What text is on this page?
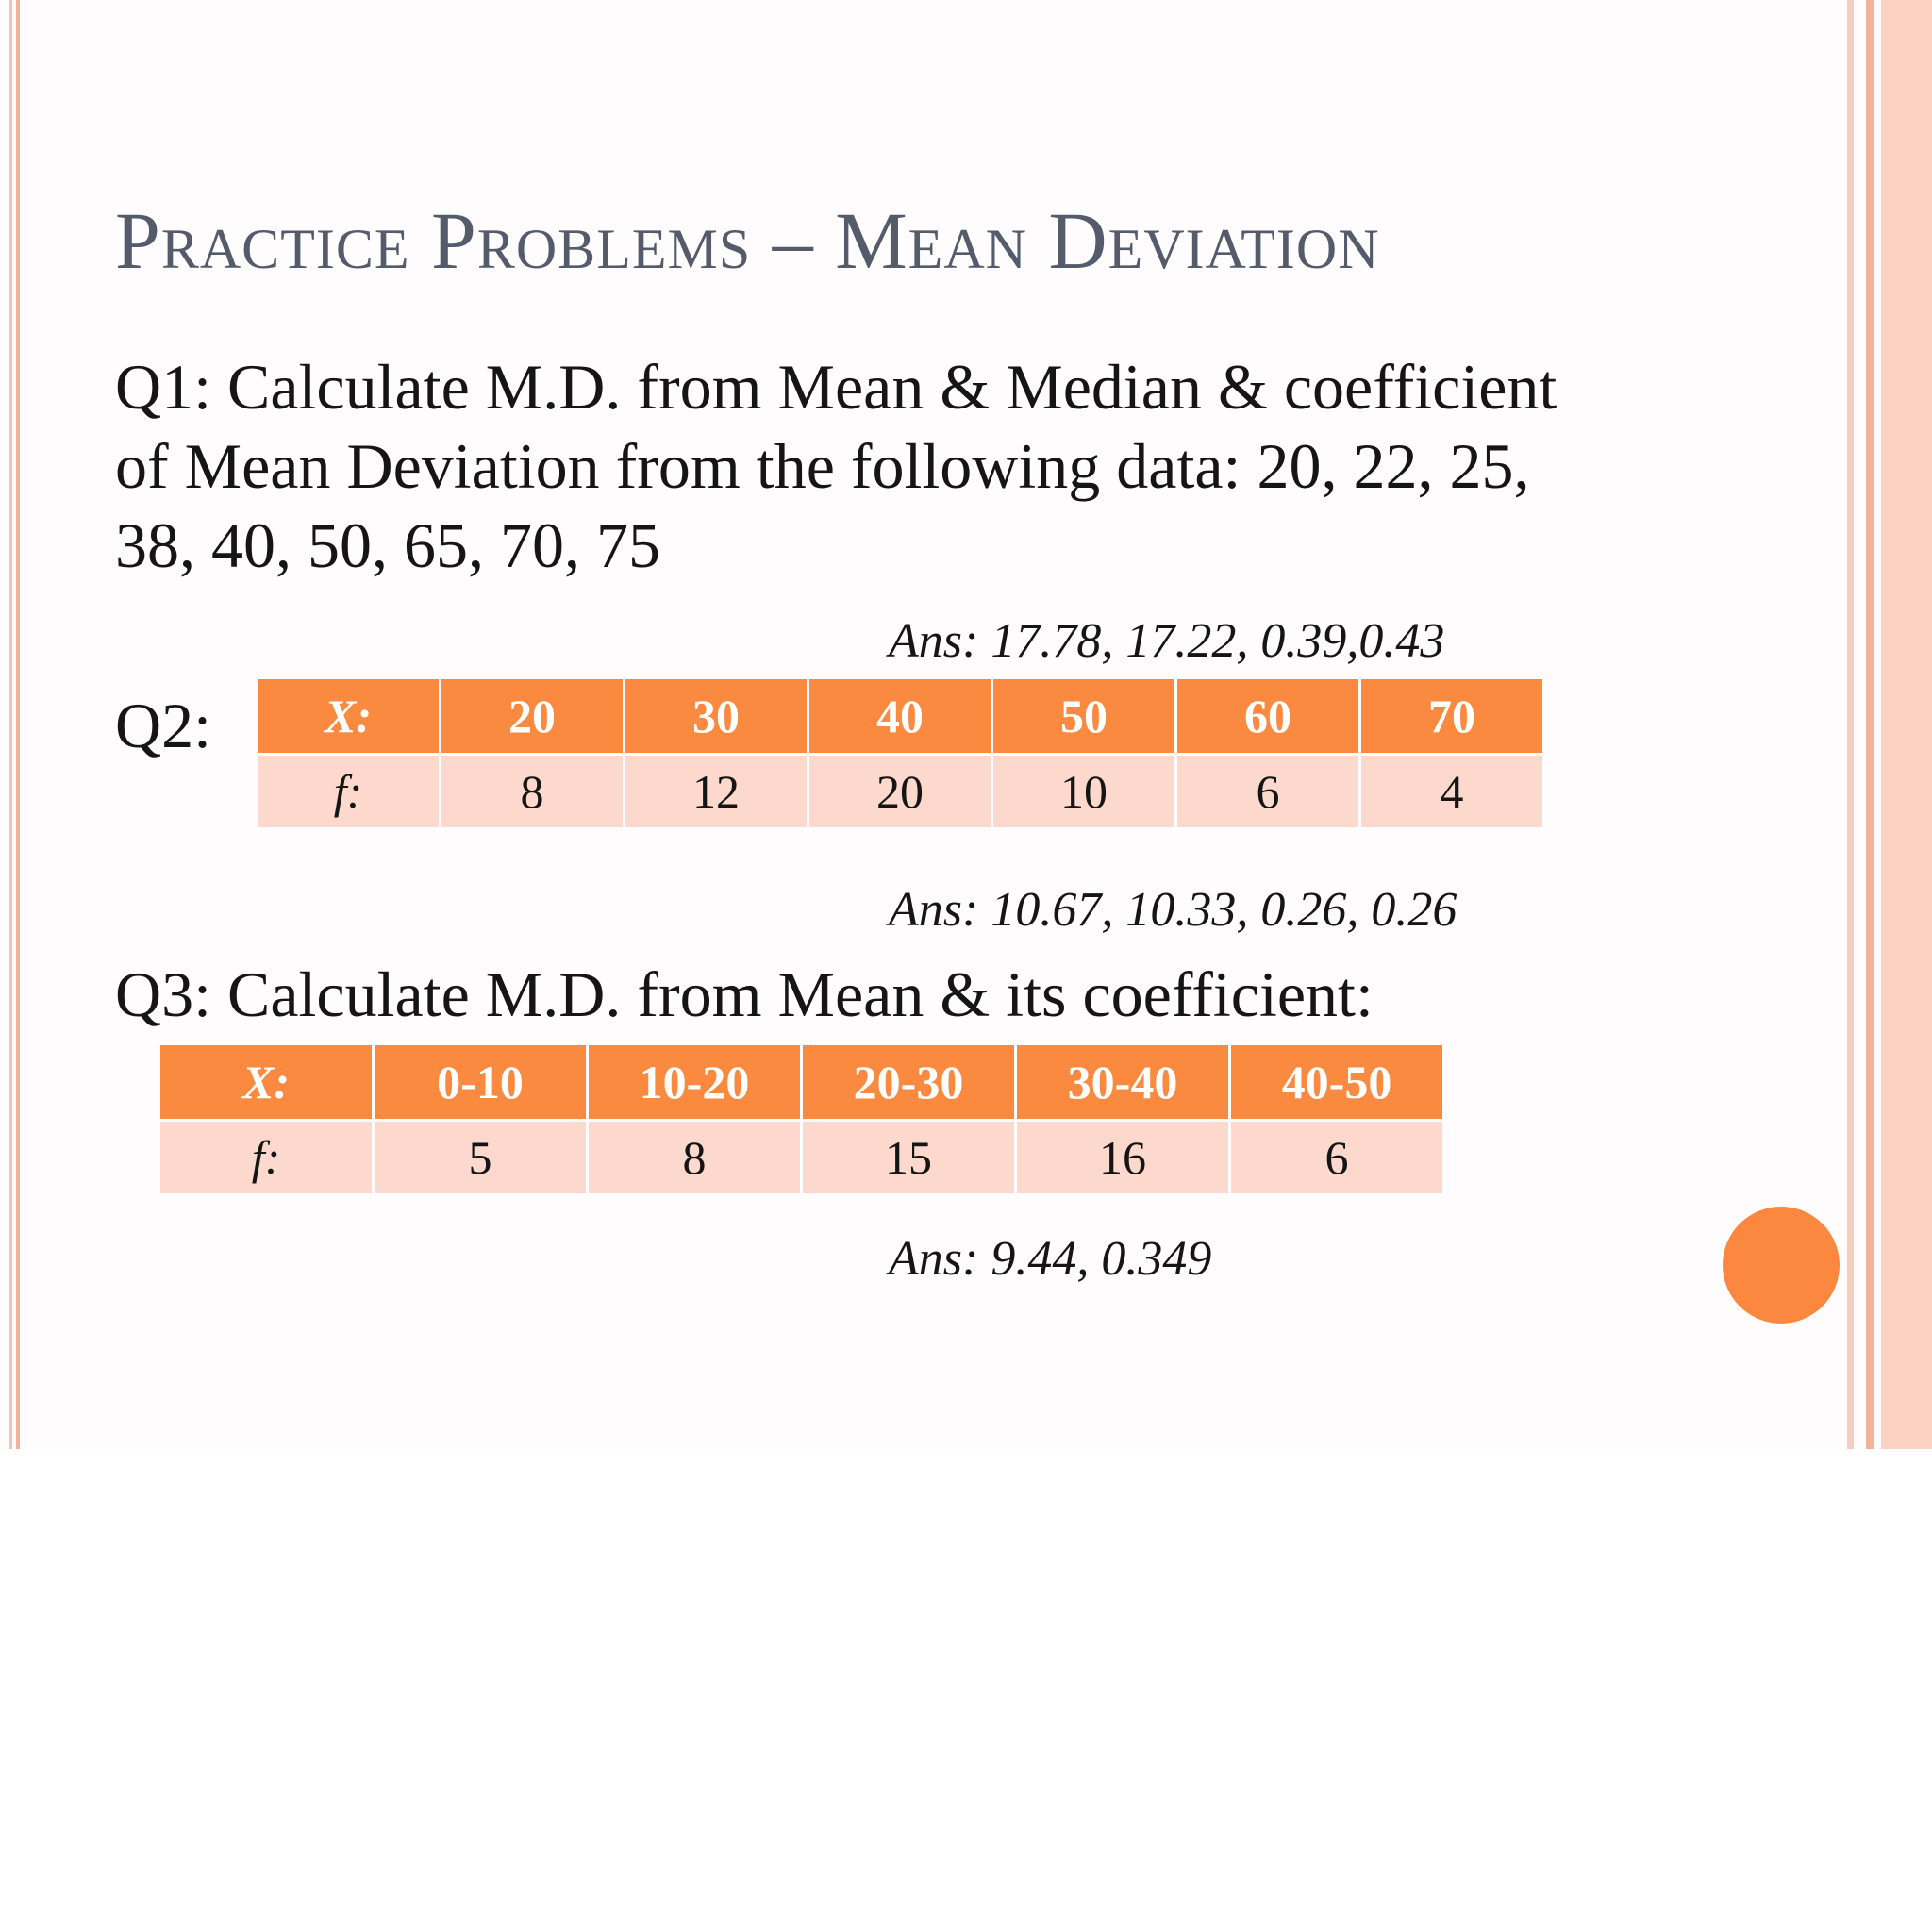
Practice Problems – Mean Deviation
Q1: Calculate M.D. from Mean & Median & coefficient of Mean Deviation from the following data: 20, 22, 25, 38, 40, 50, 65, 70, 75
Ans: 17.78, 17.22, 0.39,0.43
Q2: X:	20	30	40	50	60	70
f:	8	12	20	10	6	4
Ans: 10.67, 10.33, 0.26, 0.26
Q3: Calculate M.D. from Mean & its coefficient:
X:	0-10	10-20	20-30	30-40	40-50
f:	5	8	15	16	6
Ans: 9.44, 0.349
